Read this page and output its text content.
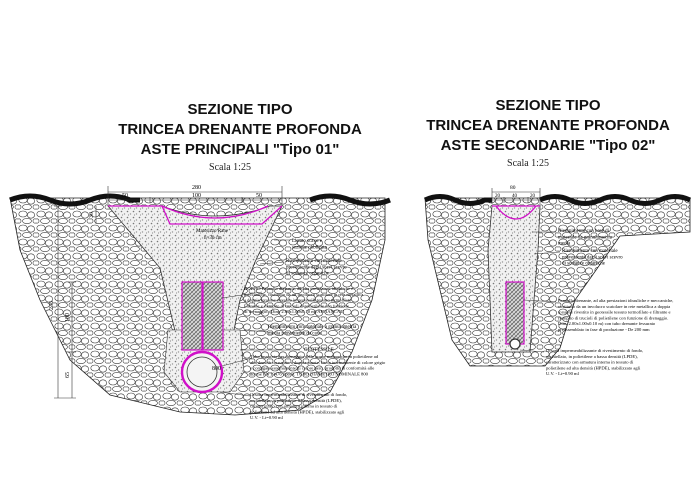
SEZIONE TIPO
TRINCEA DRENANTE PROFONDA
ASTE PRINCIPALI "Tipo 01"
Scala 1:25
SEZIONE TIPO
TRINCEA DRENANTE PROFONDA
ASTE SECONDARIE "Tipo 02"
Scala 1:25
800
280
50	100	50
235
100
65
30
Matorizzo Rane
h=30 cm
Listato scavo e sezione obbligata
Riempimento con materiale proveniente dagli scavi scevro di sostanze organiche
DOPPIO Pannello drenante, ad alta prestazioni idrauliche e meccaniche, costituito da un involucro scatolare in rete metallica a doppia torsione rivestito in geotessile tessuto termofilato Filtrante e riempito di trucioli di polietilene con funzione di drenaggio. (Dim. 2.00x1.00x0.10 m) AFFIANCATI
Riempimento con materiale a granulometria media proveniente da cava
GEOTESSILE
Tubo fessurato per drenaggio delle acque meteoriche in polietilene ad alta densità corrugato a doppia parete, liscia internamente di colore grigio e corrugata esternamente di colore nero, prodotto in conformità alle norme EN 13476 tipo B. TUBO DIAMETRO NOMINALE 800
Orsona impermeabilizzante di rivestimento di fondo, occhiellato, in polietilene a bassa densità (LPDE), caratterizzato con armatura interna in tessuto di polietilene ad alta densità (HPDE), stabilizzato agli U.V. - Lt=0.90 ml
80
20 40	20
Riempimento con base di materiale da granulometria media
Riempimento con materiale proveniente dagli scavi scevro di sostanze organiche
Pannello drenante, ad alta prestazioni idrauliche e meccaniche, costituito da un involucro scatolare in rete metallica a doppia torsione rivestito in geotessile tessuto termofilato e filtrante e riempito di trucioli di polietilene con funzione di drenaggio. Dim. 2.00x1.00x0.10 m) con tubo drenante fessurato preassemblato in fase di produzione - De 200 mm
Orsona impermeabilizzante di rivestimento di fondo, occhiellato, in polietilene a bassa densità (LPDE), caratterizzato con armatura interna in tessuto di polietilene ad alta densità (HPDE), stabilizzato agli U.V. - Lt=0.90 ml
